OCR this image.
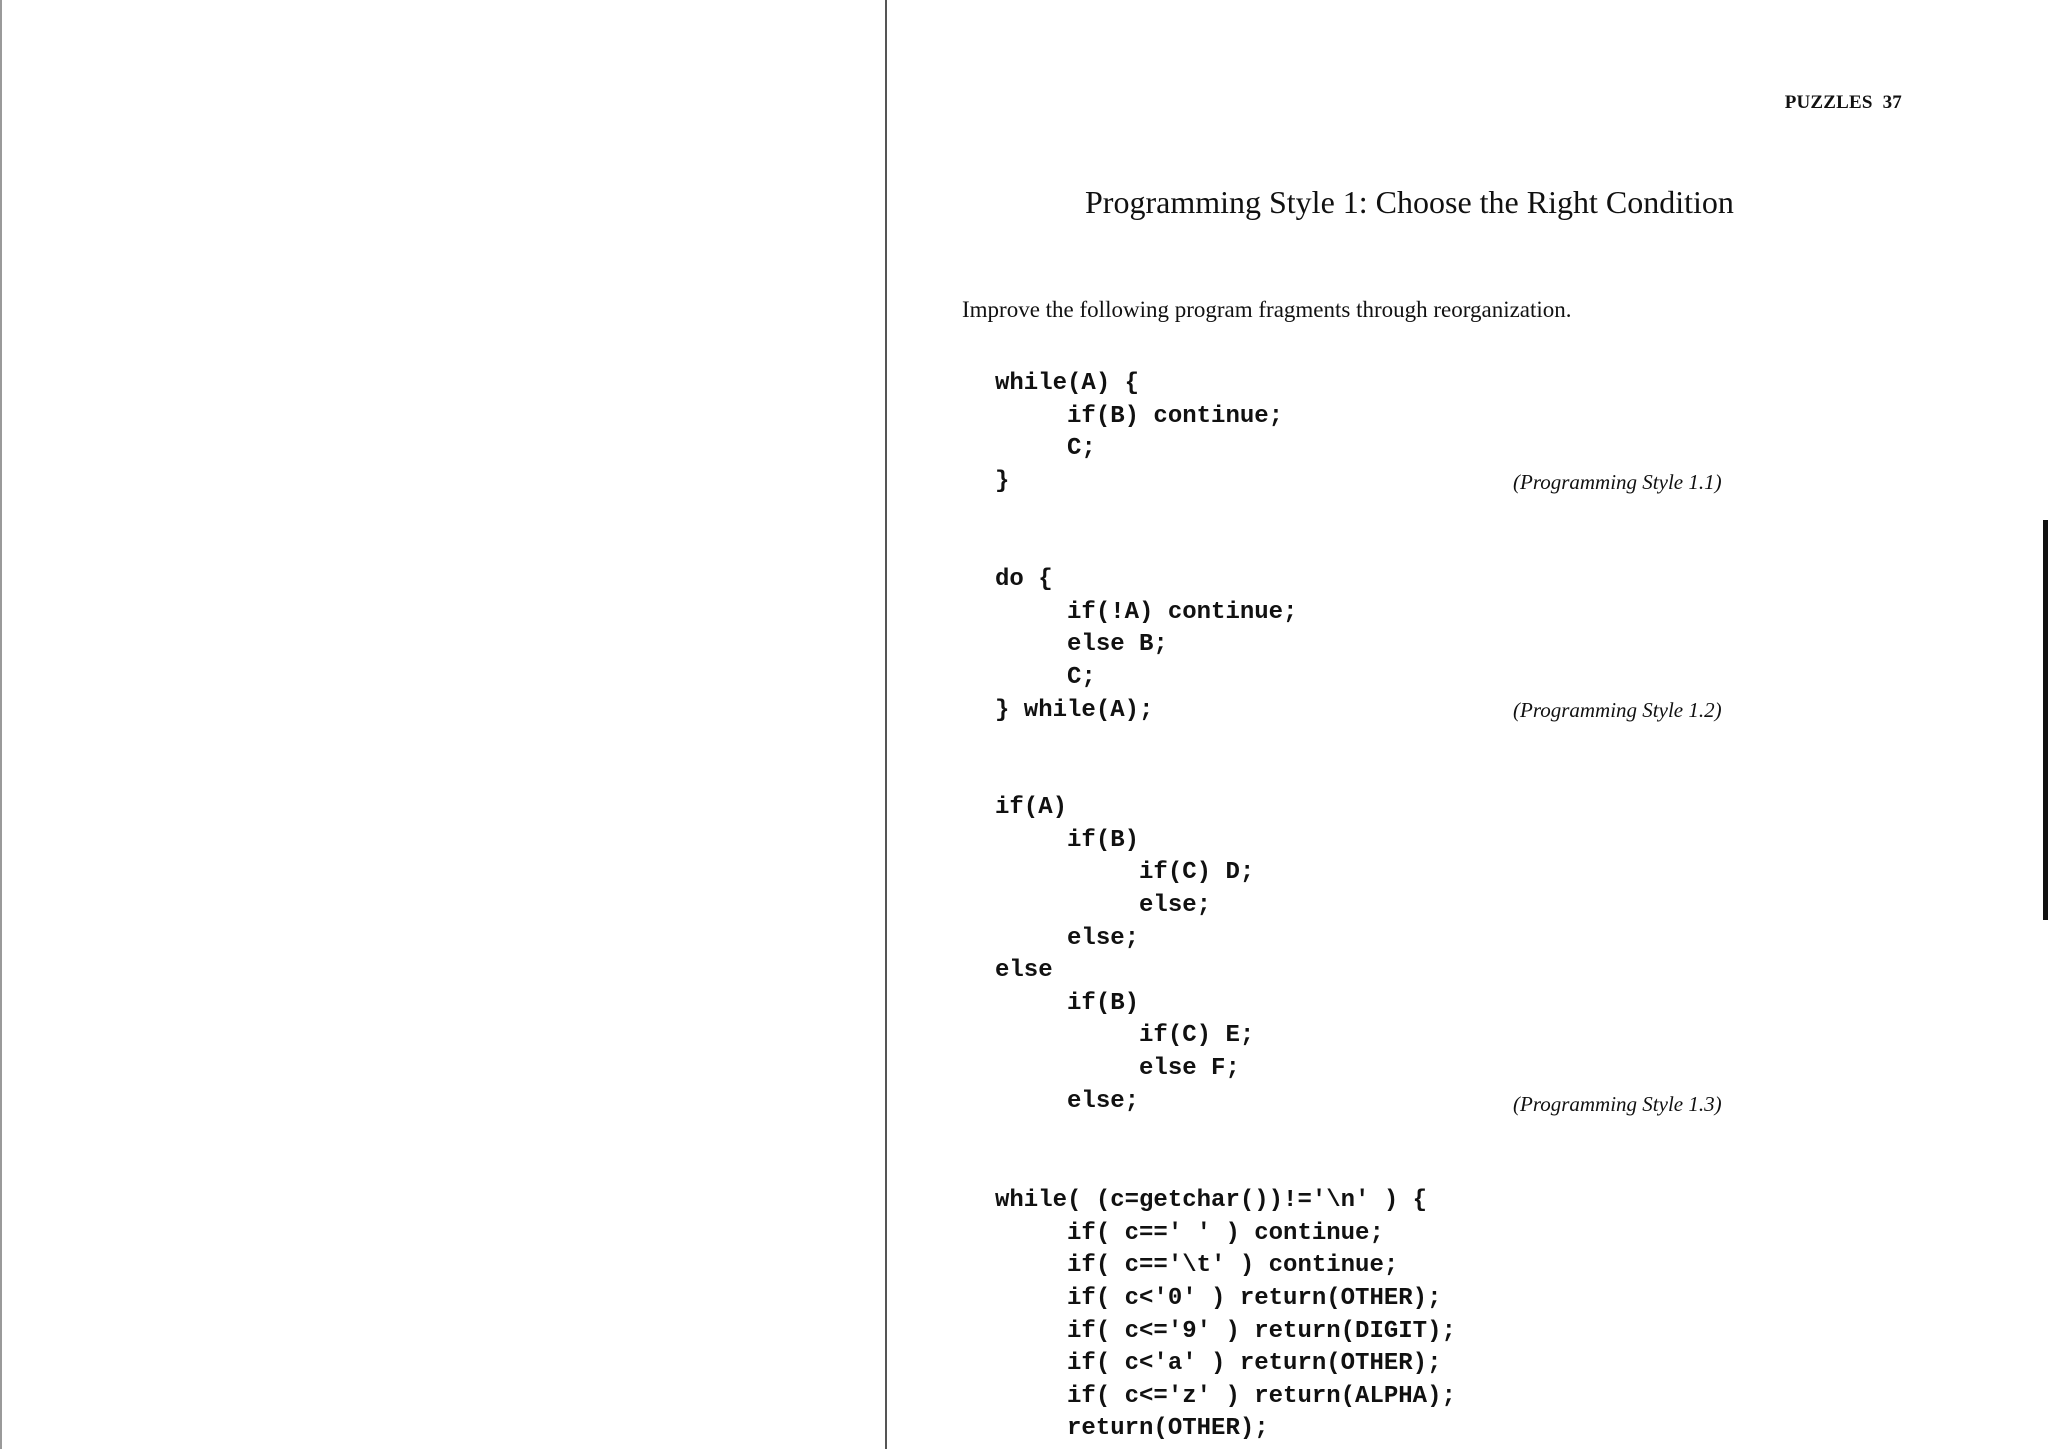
PUZZLES 37
Programming Style 1: Choose the Right Condition
Improve the following program fragments through reorganization.
while(A) {
if(B) continue;
C;
}	(Programming Style 1.1)
do {
if(!A) continue;
else B;
C;
} while(A);	(Programming Style 1.2)
if(A)
if(B)
if(C) D;
else;
else;
else
if(B)
if(C) E;
else F;
else;	(Programming Style 1.3)
while( (c=getchar())!='\n' ) {
if( c==' ' ) continue;
if( c=='\t' ) continue;
if( c<'0' ) return(OTHER);
if( c<='9' ) return(DIGIT);
if( c<'a' ) return(OTHER);
if( c<='z' ) return(ALPHA);
return(OTHER);
